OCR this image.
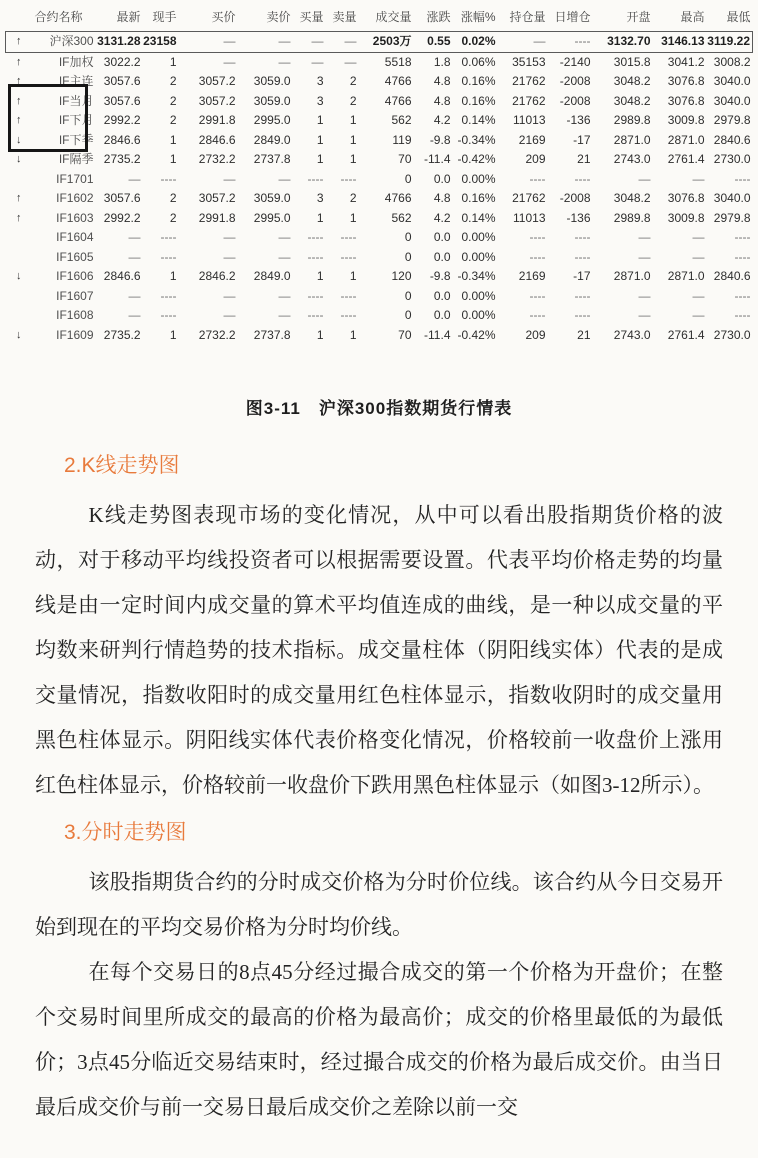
	合约名称	最新	现手	买价	卖价	买量	卖量	成交量	涨跌	涨幅%	持仓量	日增仓	开盘	最高	最低
↑	沪深300	3131.28	23158	—	—	—	—	2503万	0.55	0.02%	—	----	3132.70	3146.13	3119.22
↑	IF加权	3022.2	1	—	—	—	—	5518	1.8	0.06%	35153	-2140	3015.8	3041.2	3008.2
↑	IF主连	3057.6	2	3057.2	3059.0	3	2	4766	4.8	0.16%	21762	-2008	3048.2	3076.8	3040.0
↑	IF当月	3057.6	2	3057.2	3059.0	3	2	4766	4.8	0.16%	21762	-2008	3048.2	3076.8	3040.0
↑	IF下月	2992.2	2	2991.8	2995.0	1	1	562	4.2	0.14%	11013	-136	2989.8	3009.8	2979.8
↓	IF下季	2846.6	1	2846.6	2849.0	1	1	119	-9.8	-0.34%	2169	-17	2871.0	2871.0	2840.6
↓	IF隔季	2735.2	1	2732.2	2737.8	1	1	70	-11.4	-0.42%	209	21	2743.0	2761.4	2730.0
	IF1701	—	----	—	—	----	----	0	0.0	0.00%	----	----	—	—	----
↑	IF1602	3057.6	2	3057.2	3059.0	3	2	4766	4.8	0.16%	21762	-2008	3048.2	3076.8	3040.0
↑	IF1603	2992.2	2	2991.8	2995.0	1	1	562	4.2	0.14%	11013	-136	2989.8	3009.8	2979.8
	IF1604	—	----	—	—	----	----	0	0.0	0.00%	----	----	—	—	----
	IF1605	—	----	—	—	----	----	0	0.0	0.00%	----	----	—	—	----
↓	IF1606	2846.6	1	2846.2	2849.0	1	1	120	-9.8	-0.34%	2169	-17	2871.0	2871.0	2840.6
	IF1607	—	----	—	—	----	----	0	0.0	0.00%	----	----	—	—	----
	IF1608	—	----	—	—	----	----	0	0.0	0.00%	----	----	—	—	----
↓	IF1609	2735.2	1	2732.2	2737.8	1	1	70	-11.4	-0.42%	209	21	2743.0	2761.4	2730.0
图3-11　沪深300指数期货行情表
2.K线走势图

K线走势图表现市场的变化情况，从中可以看出股指期货价格的波动，对于移动平均线投资者可以根据需要设置。代表平均价格走势的均量线是由一定时间内成交量的算术平均值连成的曲线，是一种以成交量的平均数来研判行情趋势的技术指标。成交量柱体（阴阳线实体）代表的是成交量情况，指数收阳时的成交量用红色柱体显示，指数收阴时的成交量用黑色柱体显示。阴阳线实体代表价格变化情况，价格较前一收盘价上涨用红色柱体显示，价格较前一收盘价下跌用黑色柱体显示（如图3-12所示）。

3.分时走势图

该股指期货合约的分时成交价格为分时价位线。该合约从今日交易开始到现在的平均交易价格为分时均价线。

在每个交易日的8点45分经过撮合成交的第一个价格为开盘价；在整个交易时间里所成交的最高的价格为最高价；成交的价格里最低的为最低价；3点45分临近交易结束时，经过撮合成交的价格为最后成交价。由当日最后成交价与前一交易日最后成交价之差除以前一交
